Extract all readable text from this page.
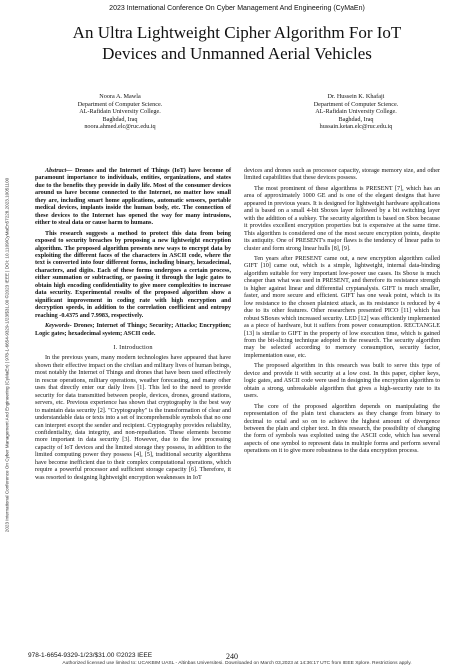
2023 International Conference On Cyber Management And Engineering (CyMaEn)
An Ultra Lightweight Cipher Algorithm For IoT
Devices and Unmanned Aerial Vehicles
Noora A. Mawla
Department of Computer Science.
AL-Rafidain University College.
Baghdad, Iraq
noora.ahmed.elc@ruc.edu.iq
Dr. Hussein K. Khafaji
Department of Computer Science.
AL-Rafidain University College.
Baghdad, Iraq
hussain.ketan.elc@ruc.edu.iq
2023 International Conference On Cyber Management And Engineering (CyMaEn) | 978-1-6654-9329-1/23/$31.00 ©2023 IEEE | DOI: 10.1109/CyMaEn57228.2023.10051100

Abstract— Drones and the Internet of Things (IoT) have become of paramount importance to individuals, entities, organizations, and states due to the benefits they provide in daily life. Most of the consumer devices around us have become connected to the Internet, no matter how small they are, including smart home applications, automatic sensors, portable medical devices, implants inside the human body, etc. The connection of these devices to the Internet has opened the way for many intrusions, either to steal data or cause harm to humans.

This research suggests a method to protect this data from being exposed to security breaches by proposing a new lightweight encryption algorithm. The proposed algorithm presents new ways to encrypt data by exploiting the different faces of the characters in ASCII code, where the text is converted into four different forms, including binary, hexadecimal, characters, and digits. Each of these forms undergoes a certain process, either summation or subtracting, or passing it through the logic gates to obtain high encoding confidentiality to give more complexities to increase data security. Experimental results of the proposed algorithm show a significant improvement in coding rate with high encryption and decryption speeds, in addition to the correlation coefficient and entropy reaching -0.4375 and 7.9983, respectively.

Keywords- Drones; Internet of Things; Security; Attacks; Encryption; Logic gates; hexadecimal system; ASCII code.

I. Introduction

In the previous years, many modern technologies have appeared that have shown their effective impact on the civilian and military lives of human beings, most notably the Internet of Things and drones that have been used effectively in rescue operations, military operations, weather forecasting, and many other uses that directly enter our daily lives [1]. This led to the need to provide security for data transmitted between people, devices, drones, ground stations, servers, etc. Previous experience has shown that cryptography is the best way to maintain data security [2]. "Cryptography" is the transformation of clear and understandable data or texts into a set of incomprehensible symbols that no one can interpret except the sender and recipient. Cryptography provides reliability, confidentiality, data integrity, and non-repudiation. These elements become more important in data security [3]. However, due to the low processing capacity of IoT devices and the limited storage they possess, in addition to the limited computing power they possess [4], [5], traditional security algorithms have become inefficient due to their complex computational operations, which require a powerful processor and sufficient storage capacity [6]. Therefore, it was resorted to designing lightweight encryption weaknesses in IoT

devices and drones such as processor capacity, storage memory size, and other limited capabilities that these devices possess.

The most prominent of these algorithms is PRESENT [7], which has an area of approximately 1000 GE and is one of the elegant designs that have appeared in previous years. It is designed for lightweight hardware applications and is based on a small 4-bit Sboxes layer followed by a bit switching layer with the addition of a subkey. The security algorithm is based on Sbox because it provides excellent encryption properties but is expensive at the same time. This algorithm is considered one of the most secure encryption points, despite its antiquity. One of PRESENT's major flaws is the tendency of linear paths to cluster and form strong linear hulls [8], [9].

Ten years after PRESENT came out, a new encryption algorithm called GIFT [10] came out, which is a simple, lightweight, internal data-binding algorithm suitable for very important low-power use cases. Its Sboxe is much cheaper than what was used in PRESENT, and therefore its resistance strength is higher against linear and differential cryptanalysis. GIFT is much smaller, faster, and more secure and efficient. GIFT has one weak point, which is its low resistance to the chosen plaintext attack, as its resistance is reduced by 4 due to its other features. Other researchers presented PICO [11] which has robust SBoxes which increased security. LED [12] was efficiently implemented as a piece of hardware, but it suffers from power consumption. RECTANGLE [13] is similar to GIFT in the property of low execution time, which is gained from the bit-slicing technique adopted in the research. The security algorithm may be selected according to memory consumption, security factor, implementation ease, etc.

The proposed algorithm in this research was built to serve this type of device and provide it with security at a low cost. In this paper, cipher keys, logic gates, and ASCII code were used in designing the encryption algorithm to obtain a strong, unbreakable algorithm that gives a high-security rate to its users.

The core of the proposed algorithm depends on manipulating the representation of the plain text characters as they change from binary to decimal to octal and so on to achieve the highest amount of divergence between the plain and cipher text. In this research, the possibility of changing the form of symbols was exploited using the ASCII code, which has several aspects of one symbol to represent data in multiple forms and perform several operations on it to give more robustness to the data encryption process.

978-1-6654-9329-1/23/$31.00 ©2023 IEEE	240
Authorized licensed use limited to: UCAKBIM UASL - Altinbas Universitesi. Downloaded on March 03,2023 at 14:36:17 UTC from IEEE Xplore. Restrictions apply.
